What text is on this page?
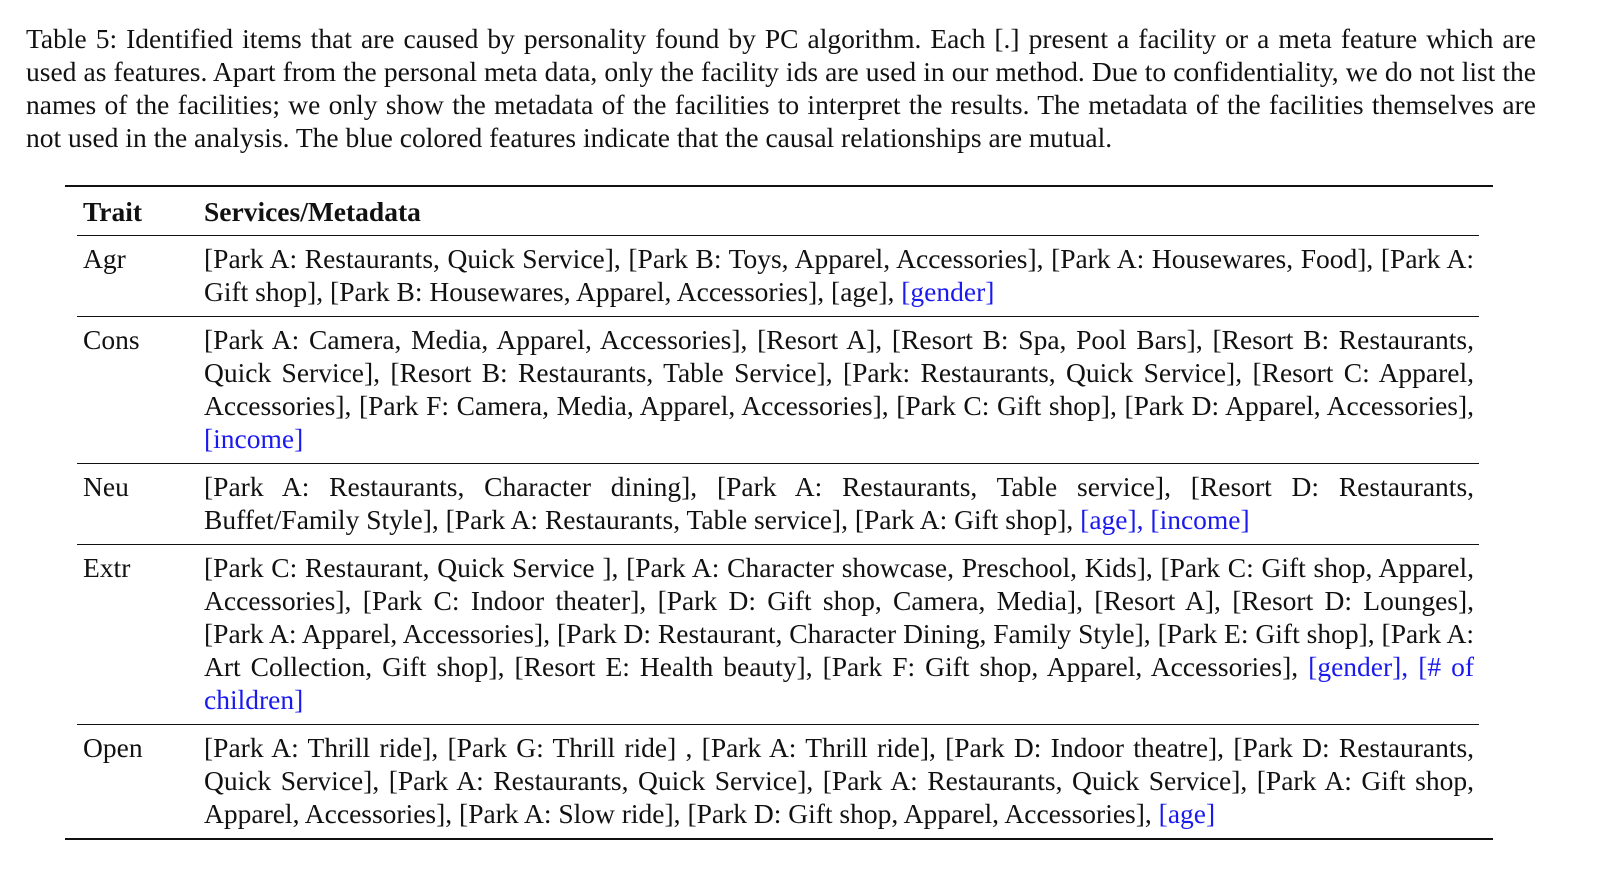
Table 5: Identified items that are caused by personality found by PC algorithm. Each [.] present a facility or a meta feature which are used as features. Apart from the personal meta data, only the facility ids are used in our method. Due to confidentiality, we do not list the names of the facilities; we only show the metadata of the facilities to interpret the results. The metadata of the facilities themselves are not used in the analysis. The blue colored features indicate that the causal relationships are mutual.
Trait	Services/Metadata
Agr	[Park A: Restaurants, Quick Service], [Park B: Toys, Apparel, Accessories], [Park A: Housewares, Food], [Park A: Gift shop], [Park B: Housewares, Apparel, Accessories], [age], [gender]
Cons	[Park A: Camera, Media, Apparel, Accessories], [Resort A], [Resort B: Spa, Pool Bars], [Resort B: Restaurants, Quick Service], [Resort B: Restaurants, Table Service], [Park: Restaurants, Quick Service], [Resort C: Apparel, Accessories], [Park F: Camera, Media, Apparel, Accessories], [Park C: Gift shop], [Park D: Apparel, Accessories], [income]
Neu	[Park A: Restaurants, Character dining], [Park A: Restaurants, Table service], [Resort D: Restaurants, Buffet/Family Style], [Park A: Restaurants, Table service], [Park A: Gift shop], [age], [income]
Extr	[Park C: Restaurant, Quick Service ], [Park A: Character showcase, Preschool, Kids], [Park C: Gift shop, Apparel, Accessories], [Park C: Indoor theater], [Park D: Gift shop, Camera, Media], [Resort A], [Resort D: Lounges], [Park A: Apparel, Accessories], [Park D: Restaurant, Character Dining, Family Style], [Park E: Gift shop], [Park A: Art Collection, Gift shop], [Resort E: Health beauty], [Park F: Gift shop, Apparel, Accessories], [gender], [# of children]
Open	[Park A: Thrill ride], [Park G: Thrill ride] , [Park A: Thrill ride], [Park D: Indoor theatre], [Park D: Restaurants, Quick Service], [Park A: Restaurants, Quick Service], [Park A: Restaurants, Quick Service], [Park A: Gift shop, Apparel, Accessories], [Park A: Slow ride], [Park D: Gift shop, Apparel, Accessories], [age]
